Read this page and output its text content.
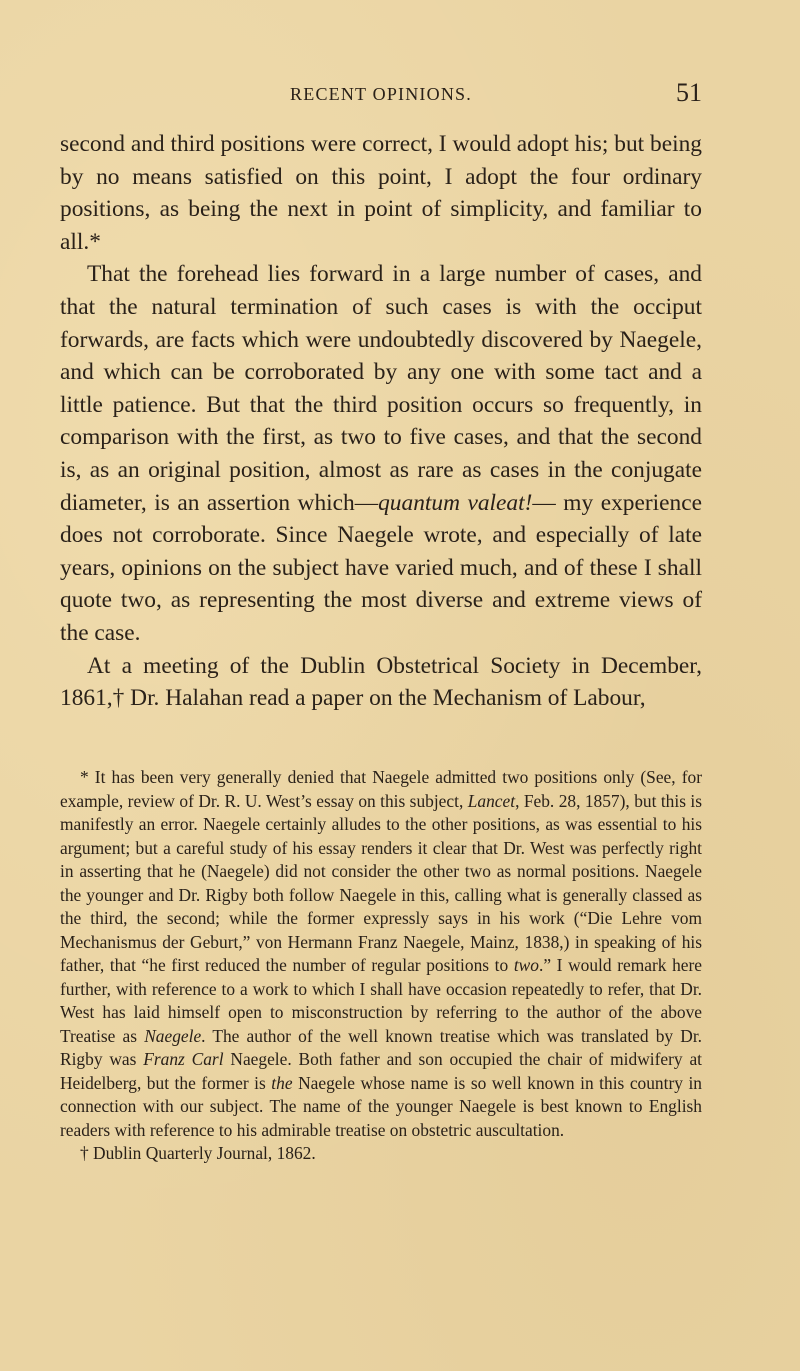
RECENT OPINIONS.	51

second and third positions were correct, I would adopt his; but being by no means satisfied on this point, I adopt the four ordinary positions, as being the next in point of simplicity, and familiar to all.*

That the forehead lies forward in a large number of cases, and that the natural termination of such cases is with the occiput forwards, are facts which were undoubtedly discovered by Naegele, and which can be corroborated by any one with some tact and a little patience. But that the third position occurs so frequently, in comparison with the first, as two to five cases, and that the second is, as an original position, almost as rare as cases in the conjugate diameter, is an assertion which—quantum valeat!— my experience does not corroborate. Since Naegele wrote, and especially of late years, opinions on the subject have varied much, and of these I shall quote two, as representing the most diverse and extreme views of the case.

At a meeting of the Dublin Obstetrical Society in December, 1861,† Dr. Halahan read a paper on the Mechanism of Labour,

* It has been very generally denied that Naegele admitted two positions only (See, for example, review of Dr. R. U. West’s essay on this subject, Lancet, Feb. 28, 1857), but this is manifestly an error. Naegele certainly alludes to the other positions, as was essential to his argument; but a careful study of his essay renders it clear that Dr. West was perfectly right in asserting that he (Naegele) did not consider the other two as normal positions. Naegele the younger and Dr. Rigby both follow Naegele in this, calling what is generally classed as the third, the second; while the former expressly says in his work (“Die Lehre vom Mechanismus der Geburt,” von Hermann Franz Naegele, Mainz, 1838,) in speaking of his father, that “he first reduced the number of regular positions to two.” I would remark here further, with reference to a work to which I shall have occasion repeatedly to refer, that Dr. West has laid himself open to misconstruction by referring to the author of the above Treatise as Naegele. The author of the well known treatise which was translated by Dr. Rigby was Franz Carl Naegele. Both father and son occupied the chair of midwifery at Heidelberg, but the former is the Naegele whose name is so well known in this country in connection with our subject. The name of the younger Naegele is best known to English readers with reference to his admirable treatise on obstetric auscultation.

† Dublin Quarterly Journal, 1862.
